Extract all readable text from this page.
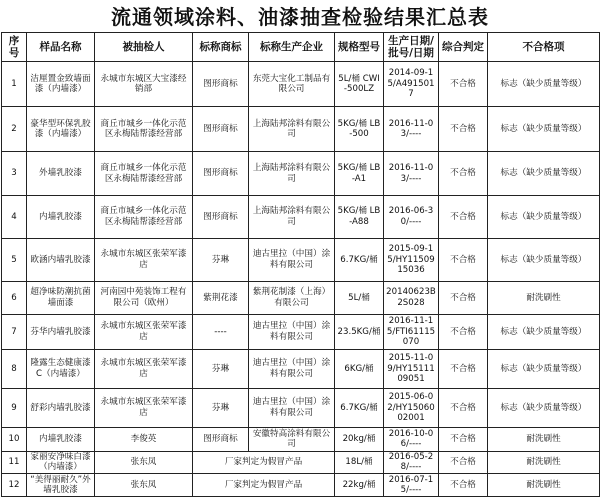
流通领域涂料、油漆抽查检验结果汇总表
序号	样品名称	被抽检人	标称商标	标称生产企业	规格型号	生产日期/批号/日期	综合判定	不合格项
1	洁厘置金致墙面漆（内墙漆）	永城市东城区大宝漆经销部	图形商标	东莞大宝化工制品有限公司	5L/桶 CWI-500LZ	2014-09-15/A4915017	不合格	标志（缺少质量等级）
2	豪华型环保乳胶漆（内墙漆）	商丘市城乡一体化示范区永梅陆帮漆经营部	图形商标	上海陆邦涂料有限公司	5KG/桶 LB-500	2016-11-03/----	不合格	标志（缺少质量等级）
3	外墙乳胶漆	商丘市城乡一体化示范区永梅陆帮漆经营部	图形商标	上海陆邦涂料有限公司	5KG/桶 LB-A1	2016-11-03/----	不合格	标志（缺少质量等级）
4	内墙乳胶漆	商丘市城乡一体化示范区永梅陆帮漆经营部	图形商标	上海陆邦涂料有限公司	5KG/桶 LB-A88	2016-06-30/----	不合格	标志（缺少质量等级）
5	欧涵内墙乳胶漆	永城市东城区张荣军漆店	芬琳	迪古里拉（中国）涂料有限公司	6.7KG/桶	2015-09-15/HY1150915036	不合格	标志（缺少质量等级）
6	超净味防潮抗菌墙面漆	河南园中苑装饰工程有限公司（欧州）	紫荆花漆	紫荆花制漆（上海）有限公司	5L/桶	20140623B2S028	不合格	耐洗刷性
7	芬华内墙乳胶漆	永城市东城区张荣军漆店	----	迪古里拉（中国）涂料有限公司	23.5KG/桶	2016-11-15/FTI61115070	不合格	标志（缺少质量等级）
8	隆露生态健康漆C（内墙漆）	永城市东城区张荣军漆店	芬琳	迪古里拉（中国）涂料有限公司	6KG/桶	2015-11-09/HY1511109051	不合格	标志（缺少质量等级）
9	舒彩内墙乳胶漆	永城市东城区张荣军漆店	芬琳	迪古里拉（中国）涂料有限公司	6.7KG/桶	2015-06-02/HY1506002001	不合格	标志（缺少质量等级）
10	内墙乳胶漆	李俊英	图形商标	安徽特高涂料有限公司	20kg/桶	2016-10-06/----	不合格	耐洗刷性
11	家丽安净味白漆（内墙漆）	张东凤	厂家判定为假冒产品		18L/桶	2016-05-28/----	不合格	耐洗刷性
12	“美得丽耐久”外墙乳胶漆	张东凤	厂家判定为假冒产品		22kg/桶	2016-07-15/----	不合格	耐洗刷性
